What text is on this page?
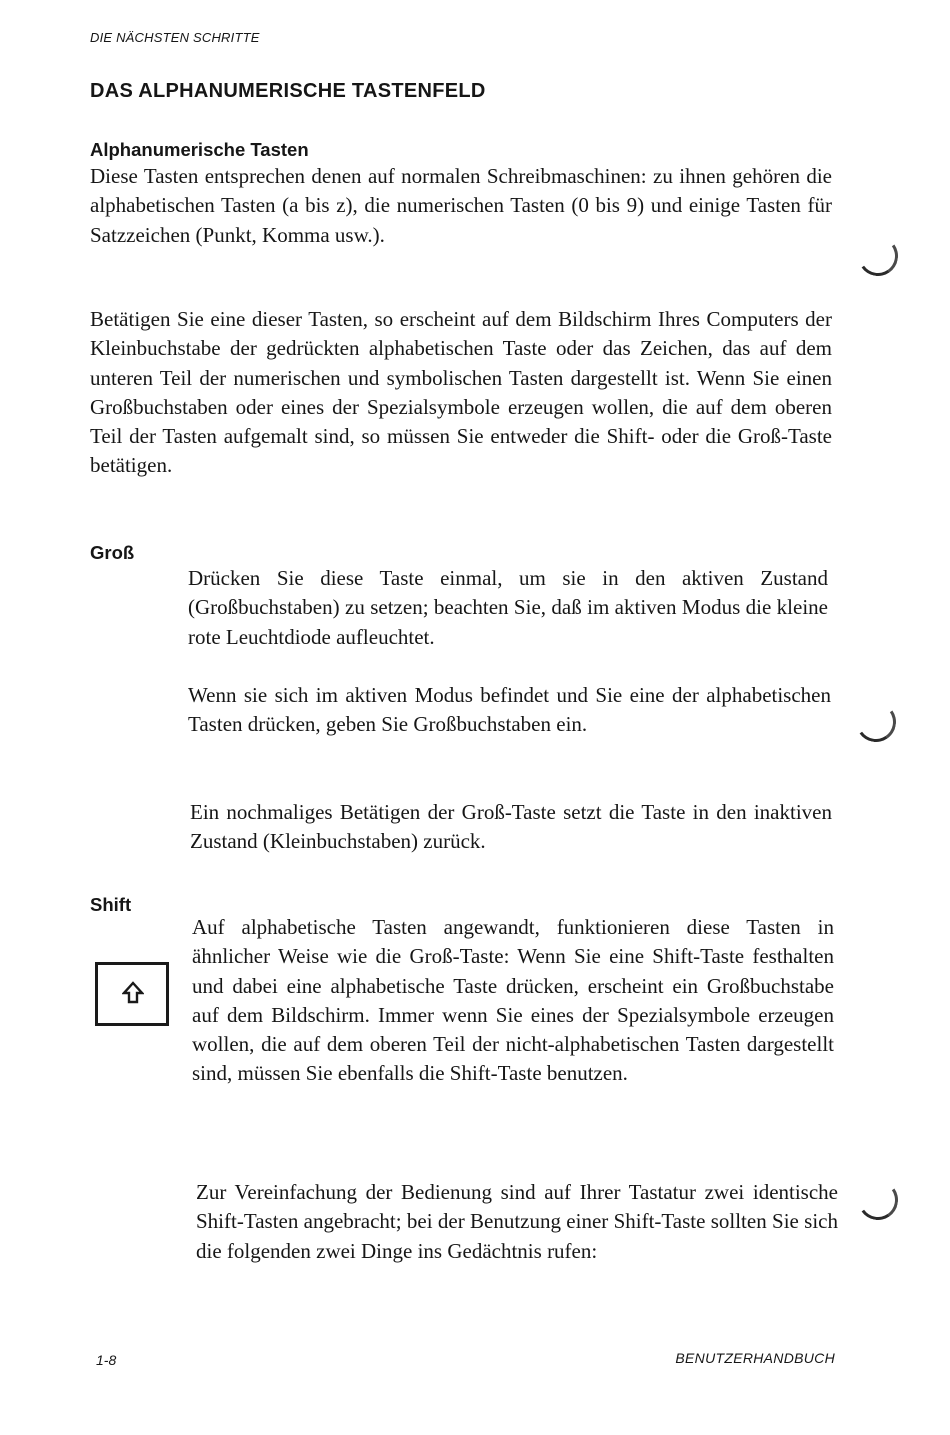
DIE NÄCHSTEN SCHRITTE
DAS ALPHANUMERISCHE TASTENFELD
Alphanumerische Tasten

Diese Tasten entsprechen denen auf normalen Schreibmaschinen: zu ihnen gehören die alphabetischen Tasten (a bis z), die numerischen Tasten (0 bis 9) und einige Tasten für Satzzeichen (Punkt, Komma usw.).

Betätigen Sie eine dieser Tasten, so erscheint auf dem Bildschirm Ihres Computers der Kleinbuchstabe der gedrückten alphabetischen Taste oder das Zeichen, das auf dem unteren Teil der numerischen und symbolischen Tasten dargestellt ist. Wenn Sie einen Großbuchstaben oder eines der Spezialsymbole erzeugen wollen, die auf dem oberen Teil der Tasten aufgemalt sind, so müssen Sie entweder die Shift- oder die Groß-Taste betätigen.

Groß

Drücken Sie diese Taste einmal, um sie in den aktiven Zustand (Großbuchstaben) zu setzen; beachten Sie, daß im aktiven Modus die kleine rote Leuchtdiode aufleuchtet.

Wenn sie sich im aktiven Modus befindet und Sie eine der alphabetischen Tasten drücken, geben Sie Großbuchstaben ein.

Ein nochmaliges Betätigen der Groß-Taste setzt die Taste in den inaktiven Zustand (Kleinbuchstaben) zurück.

Shift

Auf alphabetische Tasten angewandt, funktionieren diese Tasten in ähnlicher Weise wie die Groß-Taste: Wenn Sie eine Shift-Taste festhalten und dabei eine alphabetische Taste drücken, erscheint ein Großbuchstabe auf dem Bildschirm. Immer wenn Sie eines der Spezialsymbole erzeugen wollen, die auf dem oberen Teil der nicht-alphabetischen Tasten dargestellt sind, müssen Sie ebenfalls die Shift-Taste benutzen.

Zur Vereinfachung der Bedienung sind auf Ihrer Tastatur zwei identische Shift-Tasten angebracht; bei der Benutzung einer Shift-Taste sollten Sie sich die folgenden zwei Dinge ins Gedächtnis rufen:

1-8	BENUTZERHANDBUCH
